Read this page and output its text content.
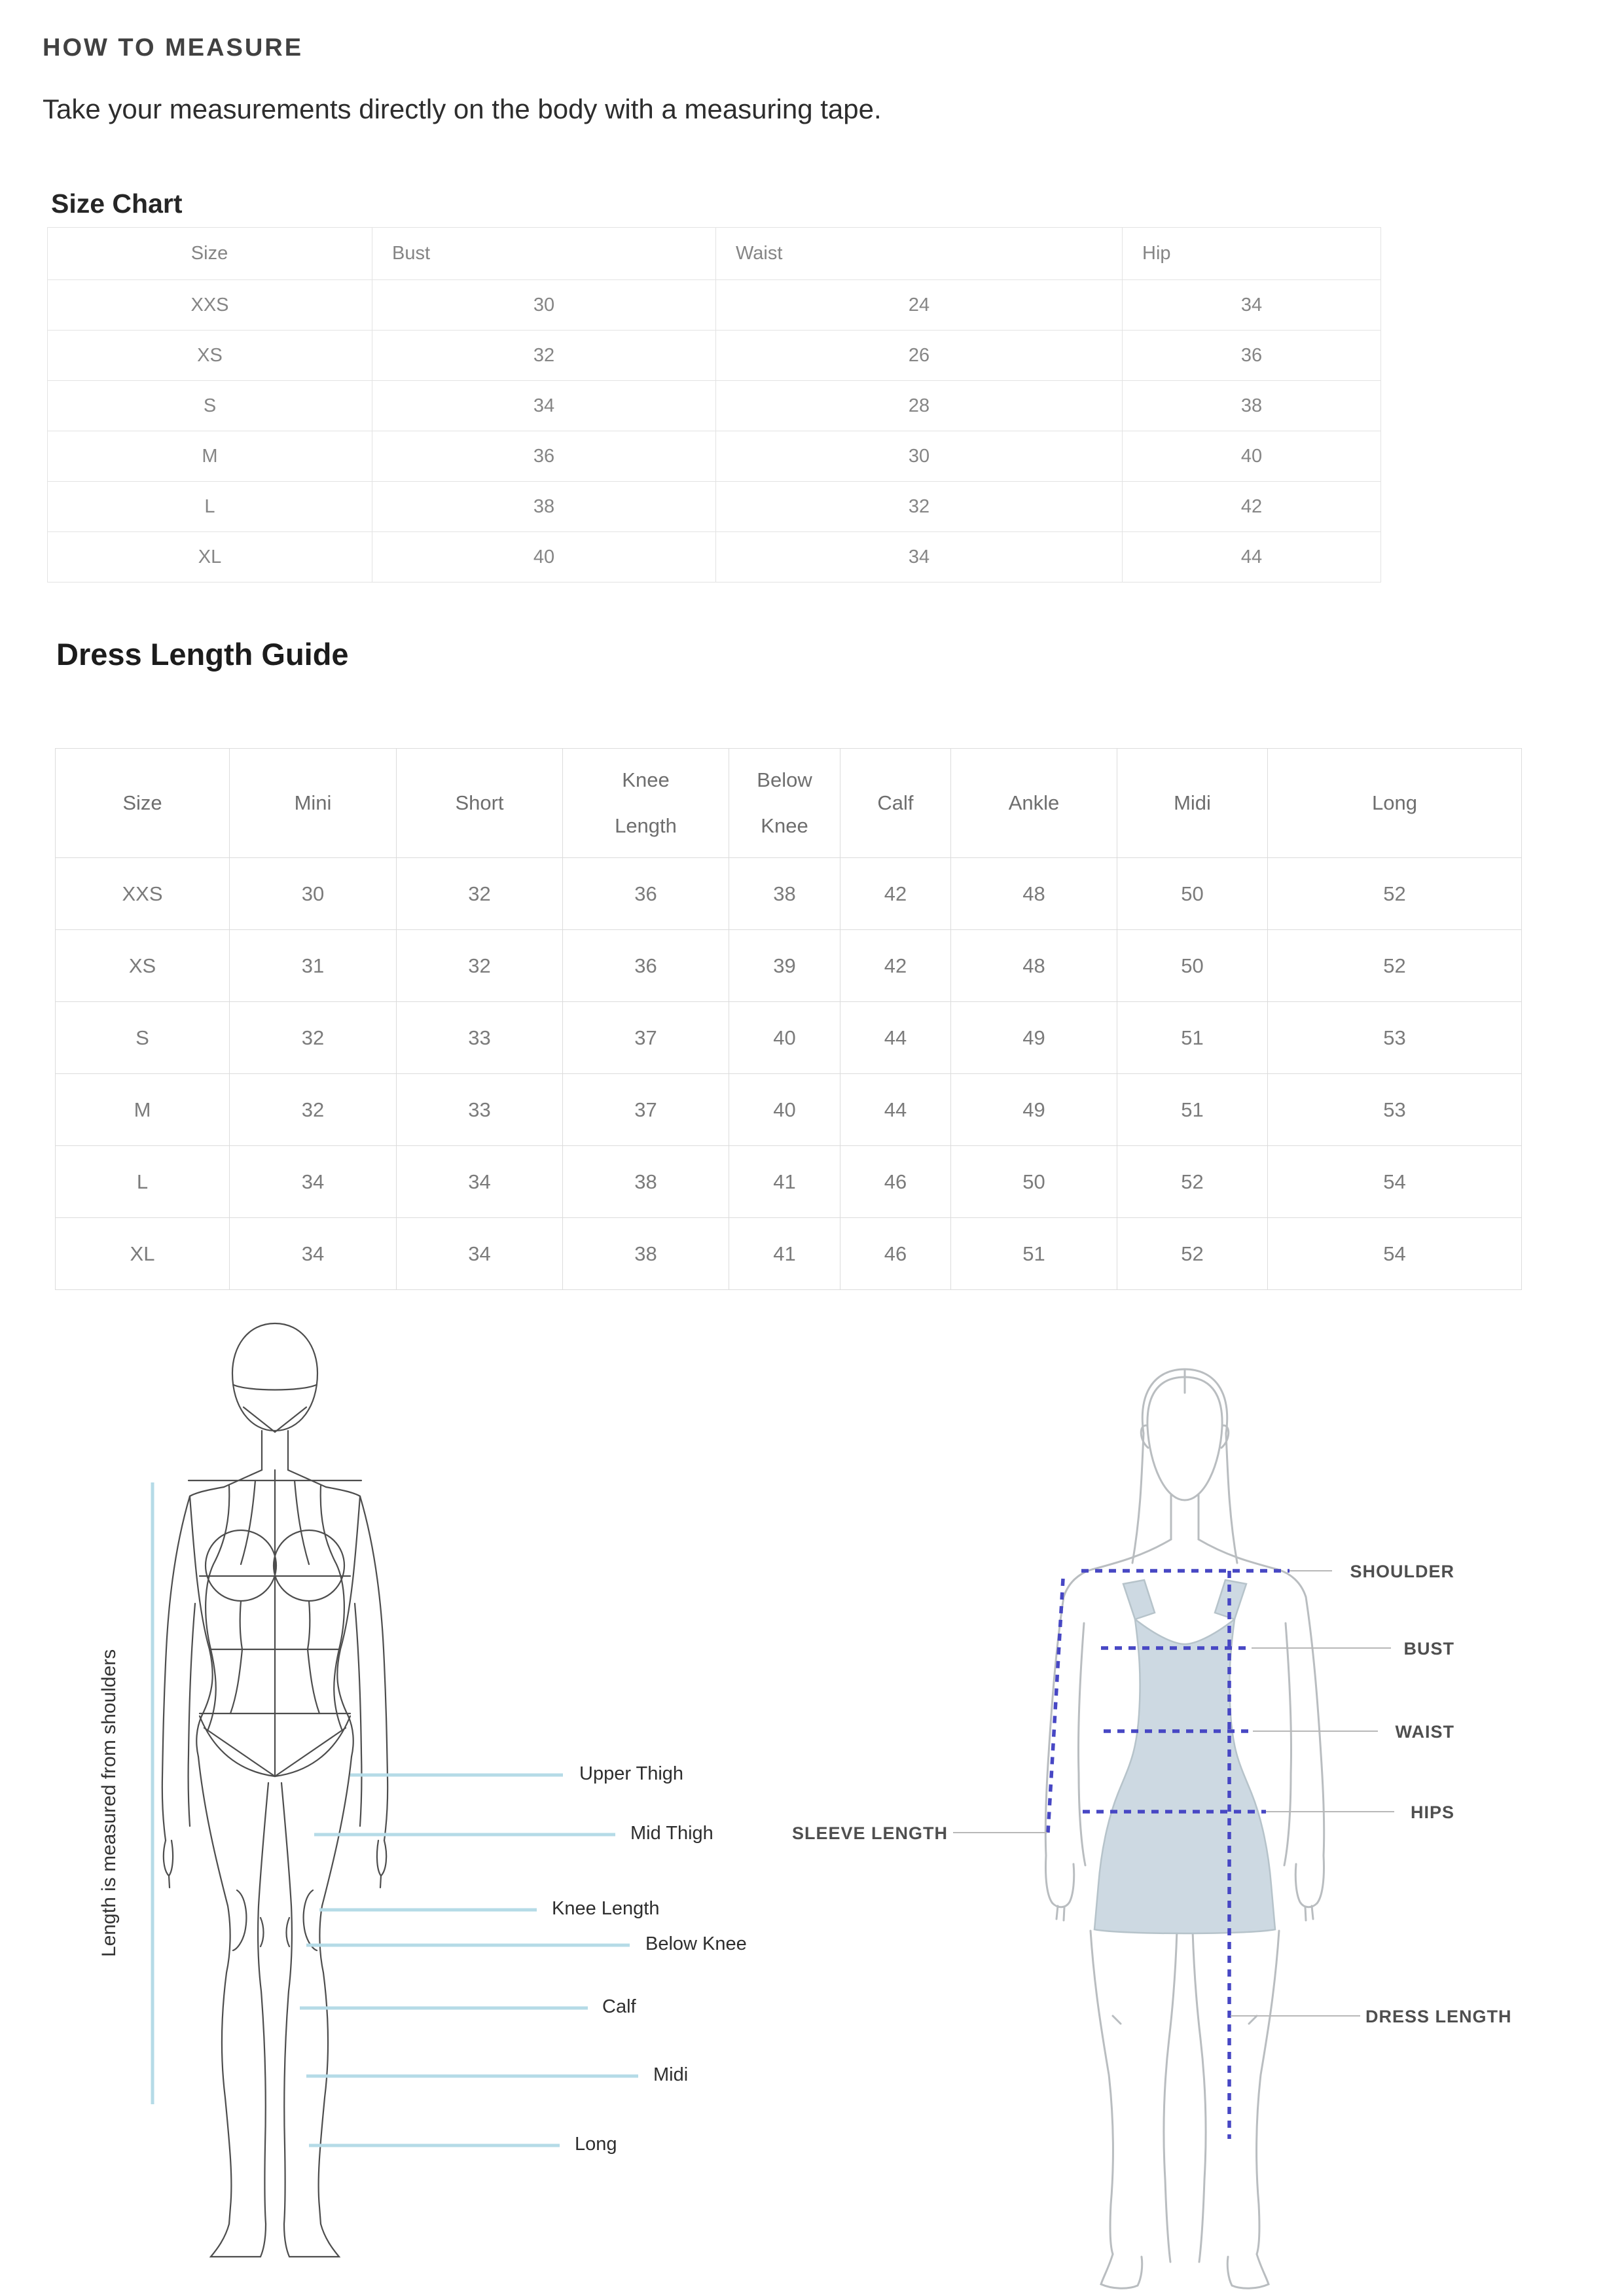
HOW TO MEASURE
Take your measurements directly on the body with a measuring tape.
Size Chart
Size	Bust	Waist	Hip
XXS	30	24	34
XS	32	26	36
S	34	28	38
M	36	30	40
L	38	32	42
XL	40	34	44
Dress Length Guide
Size	Mini	Short	Knee Length	Below Knee	Calf	Ankle	Midi	Long
XXS	30	32	36	38	42	48	50	52
XS	31	32	36	39	42	48	50	52
S	32	33	37	40	44	49	51	53
M	32	33	37	40	44	49	51	53
L	34	34	38	41	46	50	52	54
XL	34	34	38	41	46	51	52	54
Length is measured from shoulders	Upper Thigh
Mid Thigh
Knee Length
Below Knee
Calf
Midi
Long
SHOULDER
BUST
WAIST
HIPS
SLEEVE LENGTH
DRESS LENGTH
